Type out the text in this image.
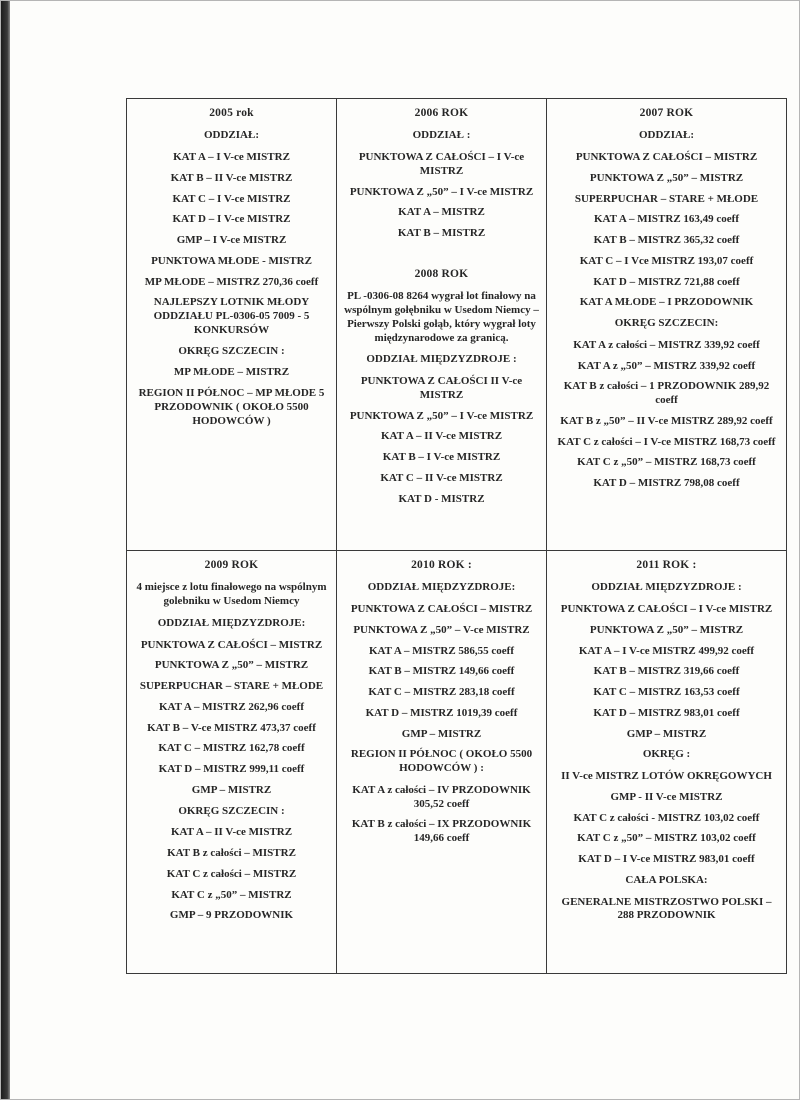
2005 rok
ODDZIAŁ:
KAT A – I V-ce MISTRZ
KAT B – II V-ce MISTRZ
KAT C – I V-ce MISTRZ
KAT D – I V-ce MISTRZ
GMP – I V-ce MISTRZ
PUNKTOWA MŁODE - MISTRZ
MP MŁODE – MISTRZ 270,36 coeff
NAJLEPSZY LOTNIK MŁODY ODDZIAŁU PL-0306-05 7009 - 5 KONKURSÓW
OKRĘG SZCZECIN :
MP MŁODE – MISTRZ
REGION II PÓŁNOC – MP MŁODE 5 PRZODOWNIK ( OKOŁO 5500 HODOWCÓW )
2006 ROK
ODDZIAŁ :
PUNKTOWA Z CAŁOŚCI – I V-ce MISTRZ
PUNKTOWA Z „50” – I V-ce MISTRZ
KAT A – MISTRZ
KAT B – MISTRZ
2008 ROK
PL -0306-08 8264 wygrał lot finałowy na wspólnym gołębniku w Usedom Niemcy – Pierwszy Polski gołąb, który wygrał loty międzynarodowe za granicą.
ODDZIAŁ MIĘDZYZDROJE :
PUNKTOWA Z CAŁOŚCI II V-ce MISTRZ
PUNKTOWA Z „50” – I V-ce MISTRZ
KAT A – II V-ce MISTRZ
KAT B – I V-ce MISTRZ
KAT C – II V-ce MISTRZ
KAT D - MISTRZ
2007 ROK
ODDZIAŁ:
PUNKTOWA Z CAŁOŚCI – MISTRZ
PUNKTOWA Z „50” – MISTRZ
SUPERPUCHAR – STARE + MŁODE
KAT A – MISTRZ 163,49 coeff
KAT B – MISTRZ 365,32 coeff
KAT C – I Vce MISTRZ 193,07 coeff
KAT D – MISTRZ 721,88 coeff
KAT A MŁODE – I PRZODOWNIK
OKRĘG SZCZECIN:
KAT A z całości – MISTRZ 339,92 coeff
KAT A z „50” – MISTRZ 339,92 coeff
KAT B z całości – 1 PRZODOWNIK 289,92 coeff
KAT B z „50” – II V-ce MISTRZ 289,92 coeff
KAT C z całości – I V-ce MISTRZ 168,73 coeff
KAT C z „50” – MISTRZ 168,73 coeff
KAT D – MISTRZ 798,08 coeff
2009 ROK
4 miejsce z lotu finałowego na wspólnym golebniku w Usedom Niemcy
ODDZIAŁ MIĘDZYZDROJE:
PUNKTOWA Z CAŁOŚCI – MISTRZ
PUNKTOWA Z „50” – MISTRZ
SUPERPUCHAR – STARE + MŁODE
KAT A – MISTRZ 262,96 coeff
KAT B – V-ce MISTRZ 473,37 coeff
KAT C – MISTRZ 162,78 coeff
KAT D – MISTRZ 999,11 coeff
GMP – MISTRZ
OKRĘG SZCZECIN :
KAT A – II V-ce MISTRZ
KAT B z całości – MISTRZ
KAT C z całości – MISTRZ
KAT C z „50” – MISTRZ
GMP – 9 PRZODOWNIK
2010 ROK :
ODDZIAŁ MIĘDZYZDROJE:
PUNKTOWA Z CAŁOŚCI – MISTRZ
PUNKTOWA Z „50” – V-ce MISTRZ
KAT A – MISTRZ 586,55 coeff
KAT B – MISTRZ 149,66 coeff
KAT C – MISTRZ 283,18 coeff
KAT D – MISTRZ 1019,39 coeff
GMP – MISTRZ
REGION II PÓŁNOC ( OKOŁO 5500 HODOWCÓW ) :
KAT A z całości – IV PRZODOWNIK 305,52 coeff
KAT B z całości – IX PRZODOWNIK 149,66 coeff
2011 ROK :
ODDZIAŁ MIĘDZYZDROJE :
PUNKTOWA Z CAŁOŚCI – I V-ce MISTRZ
PUNKTOWA Z „50” – MISTRZ
KAT A – I V-ce MISTRZ 499,92 coeff
KAT B – MISTRZ 319,66 coeff
KAT C – MISTRZ 163,53 coeff
KAT D – MISTRZ 983,01 coeff
GMP – MISTRZ
OKRĘG :
II V-ce MISTRZ LOTÓW OKRĘGOWYCH
GMP - II V-ce MISTRZ
KAT C z całości - MISTRZ 103,02 coeff
KAT C z „50” – MISTRZ 103,02 coeff
KAT D – I V-ce MISTRZ 983,01 coeff
CAŁA POLSKA:
GENERALNE MISTRZOSTWO POLSKI – 288 PRZODOWNIK
